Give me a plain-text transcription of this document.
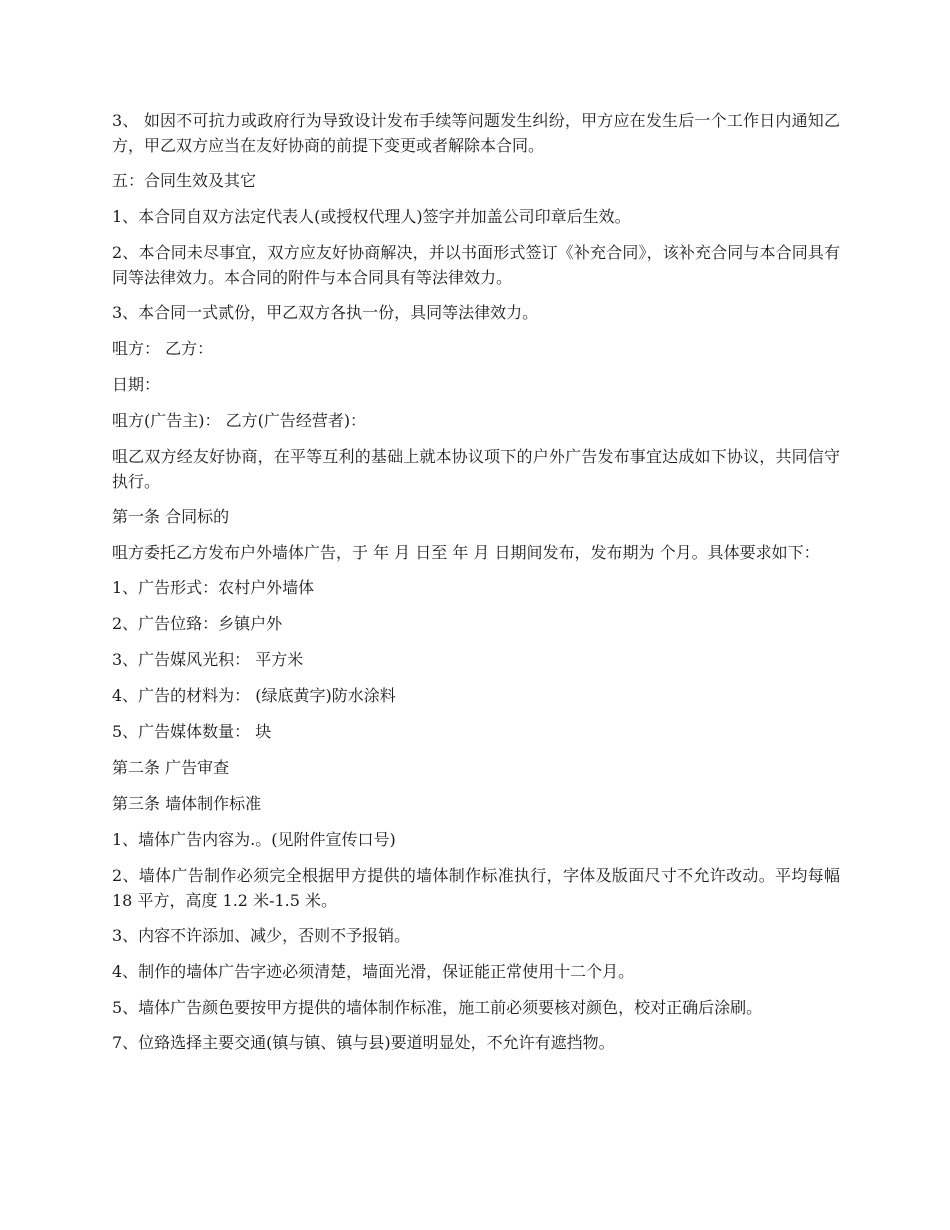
3、 如因不可抗力或政府行为导致设计发布手续等问题发生纠纷，甲方应在发生后一个工作日内通知乙方，甲乙双方应当在友好协商的前提下变更或者解除本合同。

五：合同生效及其它

1、本合同自双方法定代表人(或授权代理人)签字并加盖公司印章后生效。

2、本合同未尽事宜，双方应友好协商解决，并以书面形式签订《补充合同》，该补充合同与本合同具有同等法律效力。本合同的附件与本合同具有等法律效力。

3、本合同一式贰份，甲乙双方各执一份，具同等法律效力。

咀方： 乙方：

日期：

咀方(广告主)： 乙方(广告经营者)：

咀乙双方经友好协商，在平等互利的基础上就本协议项下的户外广告发布事宜达成如下协议，共同信守执行。

第一条 合同标的

咀方委托乙方发布户外墙体广告，于 年 月 日至 年 月 日期间发布，发布期为 个月。具体要求如下：

1、广告形式：农村户外墙体

2、广告位臵：乡镇户外

3、广告媒风光积： 平方米

4、广告的材料为： (绿底黄字)防水涂料

5、广告媒体数量： 块

第二条 广告审查

第三条 墙体制作标准

1、墙体广告内容为.。(见附件宣传口号)

2、墙体广告制作必须完全根据甲方提供的墙体制作标准执行，字体及版面尺寸不允许改动。平均每幅 18 平方，高度 1.2 米-1.5 米。

3、内容不许添加、减少，否则不予报销。

4、制作的墙体广告字迹必须清楚，墙面光滑，保证能正常使用十二个月。

5、墙体广告颜色要按甲方提供的墙体制作标准，施工前必须要核对颜色，校对正确后涂刷。

7、位臵选择主要交通(镇与镇、镇与县)要道明显处，不允许有遮挡物。
